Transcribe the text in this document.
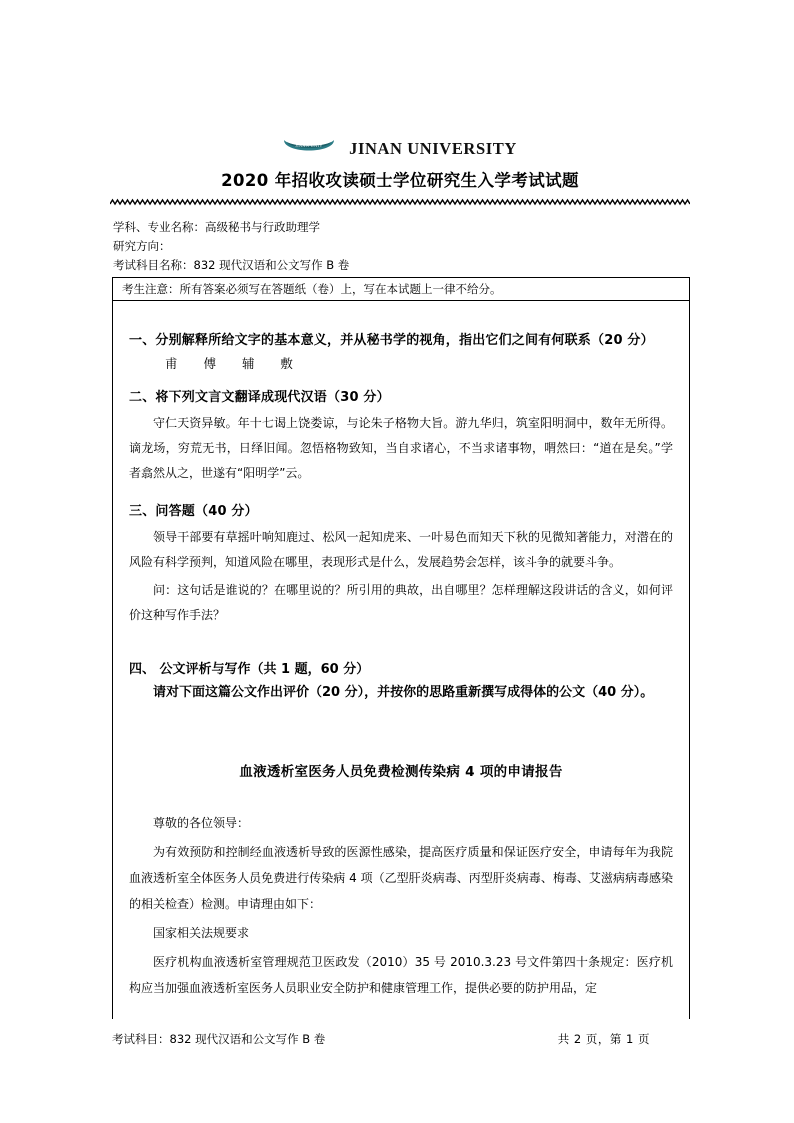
JINAN UNIV JINAN UNIVERSITY
2020 年招收攻读硕士学位研究生入学考试试题
学科、专业名称：高级秘书与行政助理学
研究方向：
考试科目名称：832 现代汉语和公文写作 B 卷
考生注意：所有答案必须写在答题纸（卷）上，写在本试题上一律不给分。
一、分别解释所给文字的基本意义，并从秘书学的视角，指出它们之间有何联系（20 分）
甫 傅 辅 敷
二、将下列文言文翻译成现代汉语（30 分）
守仁天资异敏。年十七谒上饶娄谅，与论朱子格物大旨。游九华归，筑室阳明洞中，数年无所得。谪龙场，穷荒无书，日绎旧闻。忽悟格物致知，当自求诸心，不当求诸事物，喟然曰：“道在是矣。”学者翕然从之，世遂有“阳明学”云。
三、问答题（40 分）
领导干部要有草摇叶响知鹿过、松风一起知虎来、一叶易色而知天下秋的见微知著能力，对潜在的风险有科学预判，知道风险在哪里，表现形式是什么，发展趋势会怎样，该斗争的就要斗争。
问：这句话是谁说的？在哪里说的？所引用的典故，出自哪里？怎样理解这段讲话的含义，如何评价这种写作手法？
四、 公文评析与写作（共 1 题，60 分）
请对下面这篇公文作出评价（20 分），并按你的思路重新撰写成得体的公文（40 分）。
血液透析室医务人员免费检测传染病 4 项的申请报告
尊敬的各位领导：
为有效预防和控制经血液透析导致的医源性感染，提高医疗质量和保证医疗安全，申请每年为我院血液透析室全体医务人员免费进行传染病 4 项（乙型肝炎病毒、丙型肝炎病毒、梅毒、艾滋病病毒感染的相关检查）检测。申请理由如下：
国家相关法规要求
医疗机构血液透析室管理规范卫医政发（2010）35 号 2010.3.23 号文件第四十条规定：医疗机构应当加强血液透析室医务人员职业安全防护和健康管理工作，提供必要的防护用品，定
考试科目：832 现代汉语和公文写作 B 卷	共 2 页，第 1 页
